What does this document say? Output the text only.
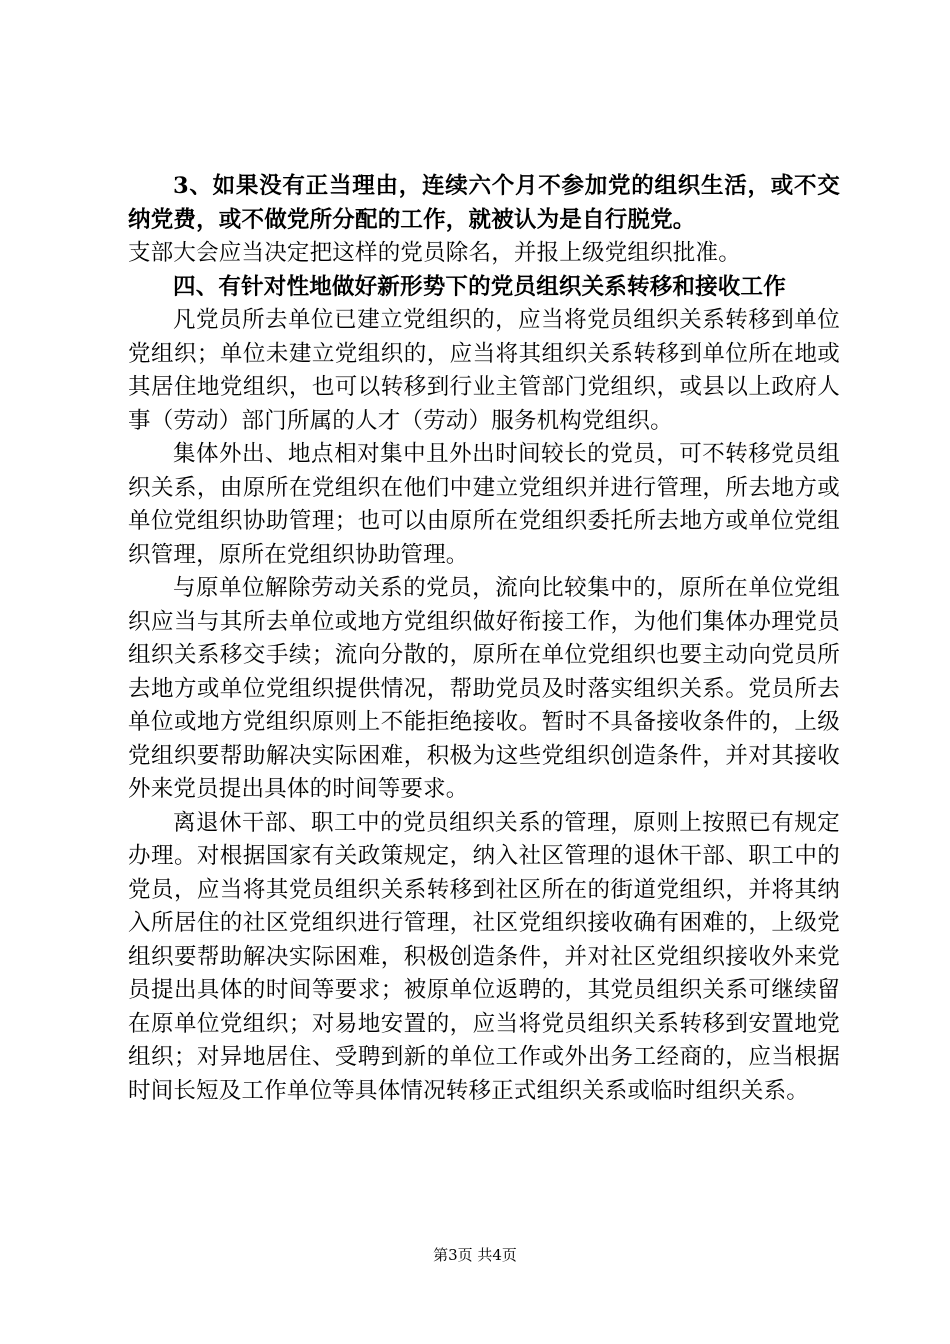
3、如果没有正当理由，连续六个月不参加党的组织生活，或不交纳党费，或不做党所分配的工作，就被认为是自行脱党。

支部大会应当决定把这样的党员除名，并报上级党组织批准。

四、有针对性地做好新形势下的党员组织关系转移和接收工作

凡党员所去单位已建立党组织的，应当将党员组织关系转移到单位党组织；单位未建立党组织的，应当将其组织关系转移到单位所在地或其居住地党组织，也可以转移到行业主管部门党组织，或县以上政府人事（劳动）部门所属的人才（劳动）服务机构党组织。

集体外出、地点相对集中且外出时间较长的党员，可不转移党员组织关系，由原所在党组织在他们中建立党组织并进行管理，所去地方或单位党组织协助管理；也可以由原所在党组织委托所去地方或单位党组织管理，原所在党组织协助管理。

与原单位解除劳动关系的党员，流向比较集中的，原所在单位党组织应当与其所去单位或地方党组织做好衔接工作，为他们集体办理党员组织关系移交手续；流向分散的，原所在单位党组织也要主动向党员所去地方或单位党组织提供情况，帮助党员及时落实组织关系。党员所去单位或地方党组织原则上不能拒绝接收。暂时不具备接收条件的，上级党组织要帮助解决实际困难，积极为这些党组织创造条件，并对其接收外来党员提出具体的时间等要求。

离退休干部、职工中的党员组织关系的管理，原则上按照已有规定办理。对根据国家有关政策规定，纳入社区管理的退休干部、职工中的党员，应当将其党员组织关系转移到社区所在的街道党组织，并将其纳入所居住的社区党组织进行管理，社区党组织接收确有困难的，上级党组织要帮助解决实际困难，积极创造条件，并对社区党组织接收外来党员提出具体的时间等要求；被原单位返聘的，其党员组织关系可继续留在原单位党组织；对易地安置的，应当将党员组织关系转移到安置地党组织；对异地居住、受聘到新的单位工作或外出务工经商的，应当根据时间长短及工作单位等具体情况转移正式组织关系或临时组织关系。

第3页 共4页
